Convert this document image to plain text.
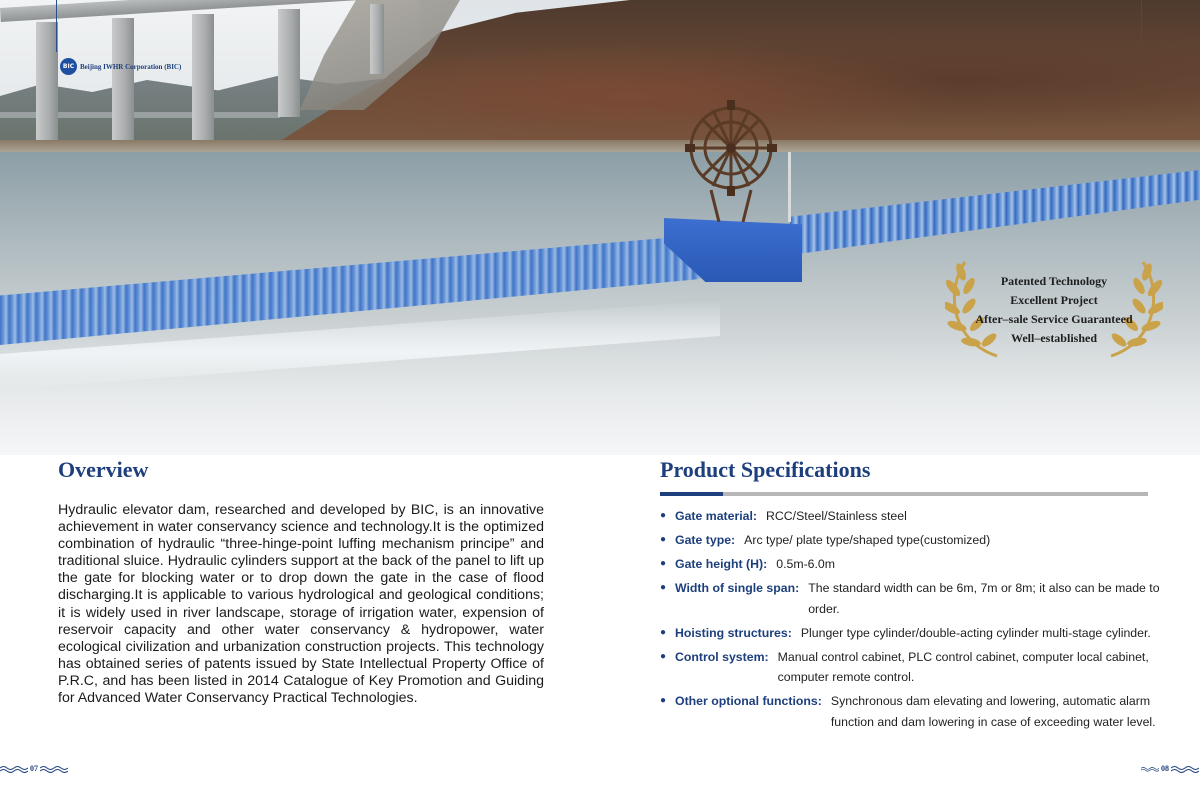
BIC Beijing IWHR Corporation (BIC)
Patented Technology
Excellent Project
After–sale Service Guaranteed
Well–established
Overview

Hydraulic elevator dam, researched and developed by BIC, is an innovative achievement in water conservancy science and technology.It is the optimized combination of hydraulic “three-hinge-point luffing mechanism principe” and traditional sluice. Hydraulic cylinders support at the back of the panel to lift up the gate for blocking water or to drop down the gate in the case of flood discharging.It is applicable to various hydrological and geological conditions; it is widely used in river landscape, storage of irrigation water, expension of reservoir capacity and other water conservancy & hydropower, water ecological civilization and urbanization construction projects. This technology has obtained series of patents issued by State Intellectual Property Office of P.R.C, and has been listed in 2014 Catalogue of Key Promotion and Guiding for Advanced Water Conservancy Practical Technologies.

Product Specifications
● Gate material: RCC/Steel/Stainless steel
● Gate type: Arc type/ plate type/shaped type(customized)
● Gate height (H): 0.5m-6.0m
● Width of single span: The standard width can be 6m, 7m or 8m; it also can be made to order.
● Hoisting structures: Plunger type cylinder/double-acting cylinder multi-stage cylinder.
● Control system: Manual control cabinet, PLC control cabinet, computer local cabinet, computer remote control.
● Other optional functions: Synchronous dam elevating and lowering, automatic alarm function and dam lowering in case of exceeding water level.
07	08
